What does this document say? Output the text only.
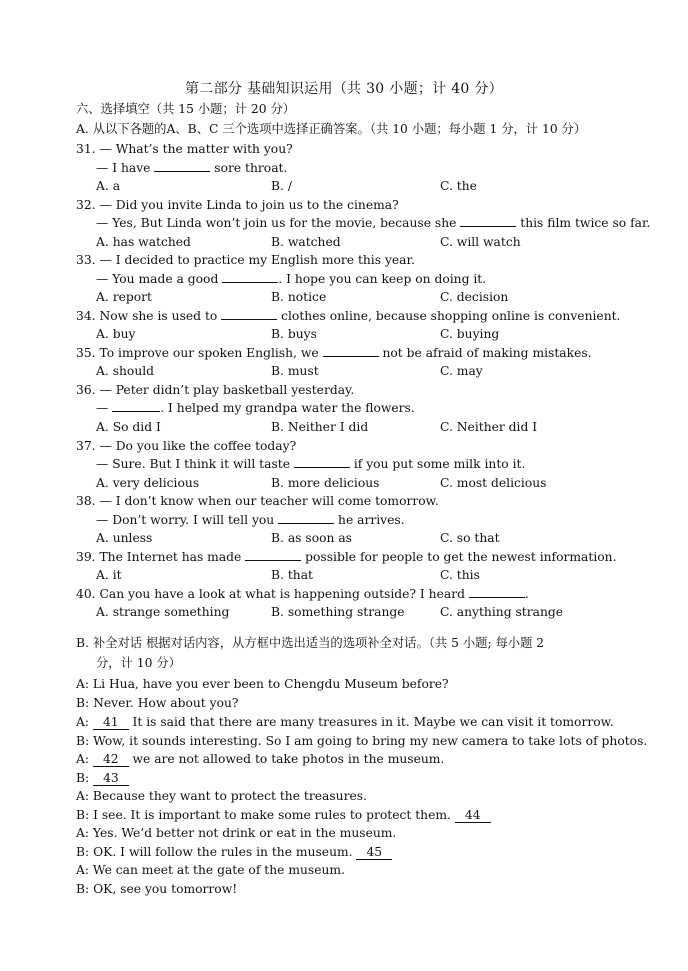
第二部分 基础知识运用（共 30 小题；计 40 分）
六、选择填空（共 15 小题；计 20 分）
A. 从以下各题的A、B、C 三个选项中选择正确答案。（共 10 小题；每小题 1 分，计 10 分）
31. — What’s the matter with you?
— I have	sore throat.
A. a	B. /	C. the
32. — Did you invite Linda to join us to the cinema?
— Yes, But Linda won’t join us for the movie, because she	this film twice so far.
A. has watched	B. watched	C. will watch
33. — I decided to practice my English more this year.
— You made a good	. I hope you can keep on doing it.
A. report	B. notice	C. decision
34. Now she is used to	clothes online, because shopping online is convenient.
A. buy	B. buys	C. buying
35. To improve our spoken English, we	not be afraid of making mistakes.
A. should	B. must	C. may
36. — Peter didn’t play basketball yesterday.
—	. I helped my grandpa water the flowers.
A. So did I	B. Neither I did	C. Neither did I
37. — Do you like the coffee today?
— Sure. But I think it will taste	if you put some milk into it.
A. very delicious	B. more delicious	C. most delicious
38. — I don’t know when our teacher will come tomorrow.
— Don’t worry. I will tell you	he arrives.
A. unless	B. as soon as	C. so that
39. The Internet has made	possible for people to get the newest information.
A. it	B. that	C. this
40. Can you have a look at what is happening outside? I heard	.
A. strange something	B. something strange	C. anything strange
B. 补全对话 根据对话内容，从方框中选出适当的选项补全对话。（共 5 小题; 每小题 2
分，计 10 分）
A: Li Hua, have you ever been to Chengdu Museum before?
B: Never. How about you?
A: 41 It is said that there are many treasures in it. Maybe we can visit it tomorrow.
B: Wow, it sounds interesting. So I am going to bring my new camera to take lots of photos.
A: 42 we are not allowed to take photos in the museum.
B: 43
A: Because they want to protect the treasures.
B: I see. It is important to make some rules to protect them. 44
A: Yes. We’d better not drink or eat in the museum.
B: OK. I will follow the rules in the museum. 45
A: We can meet at the gate of the museum.
B: OK, see you tomorrow!
